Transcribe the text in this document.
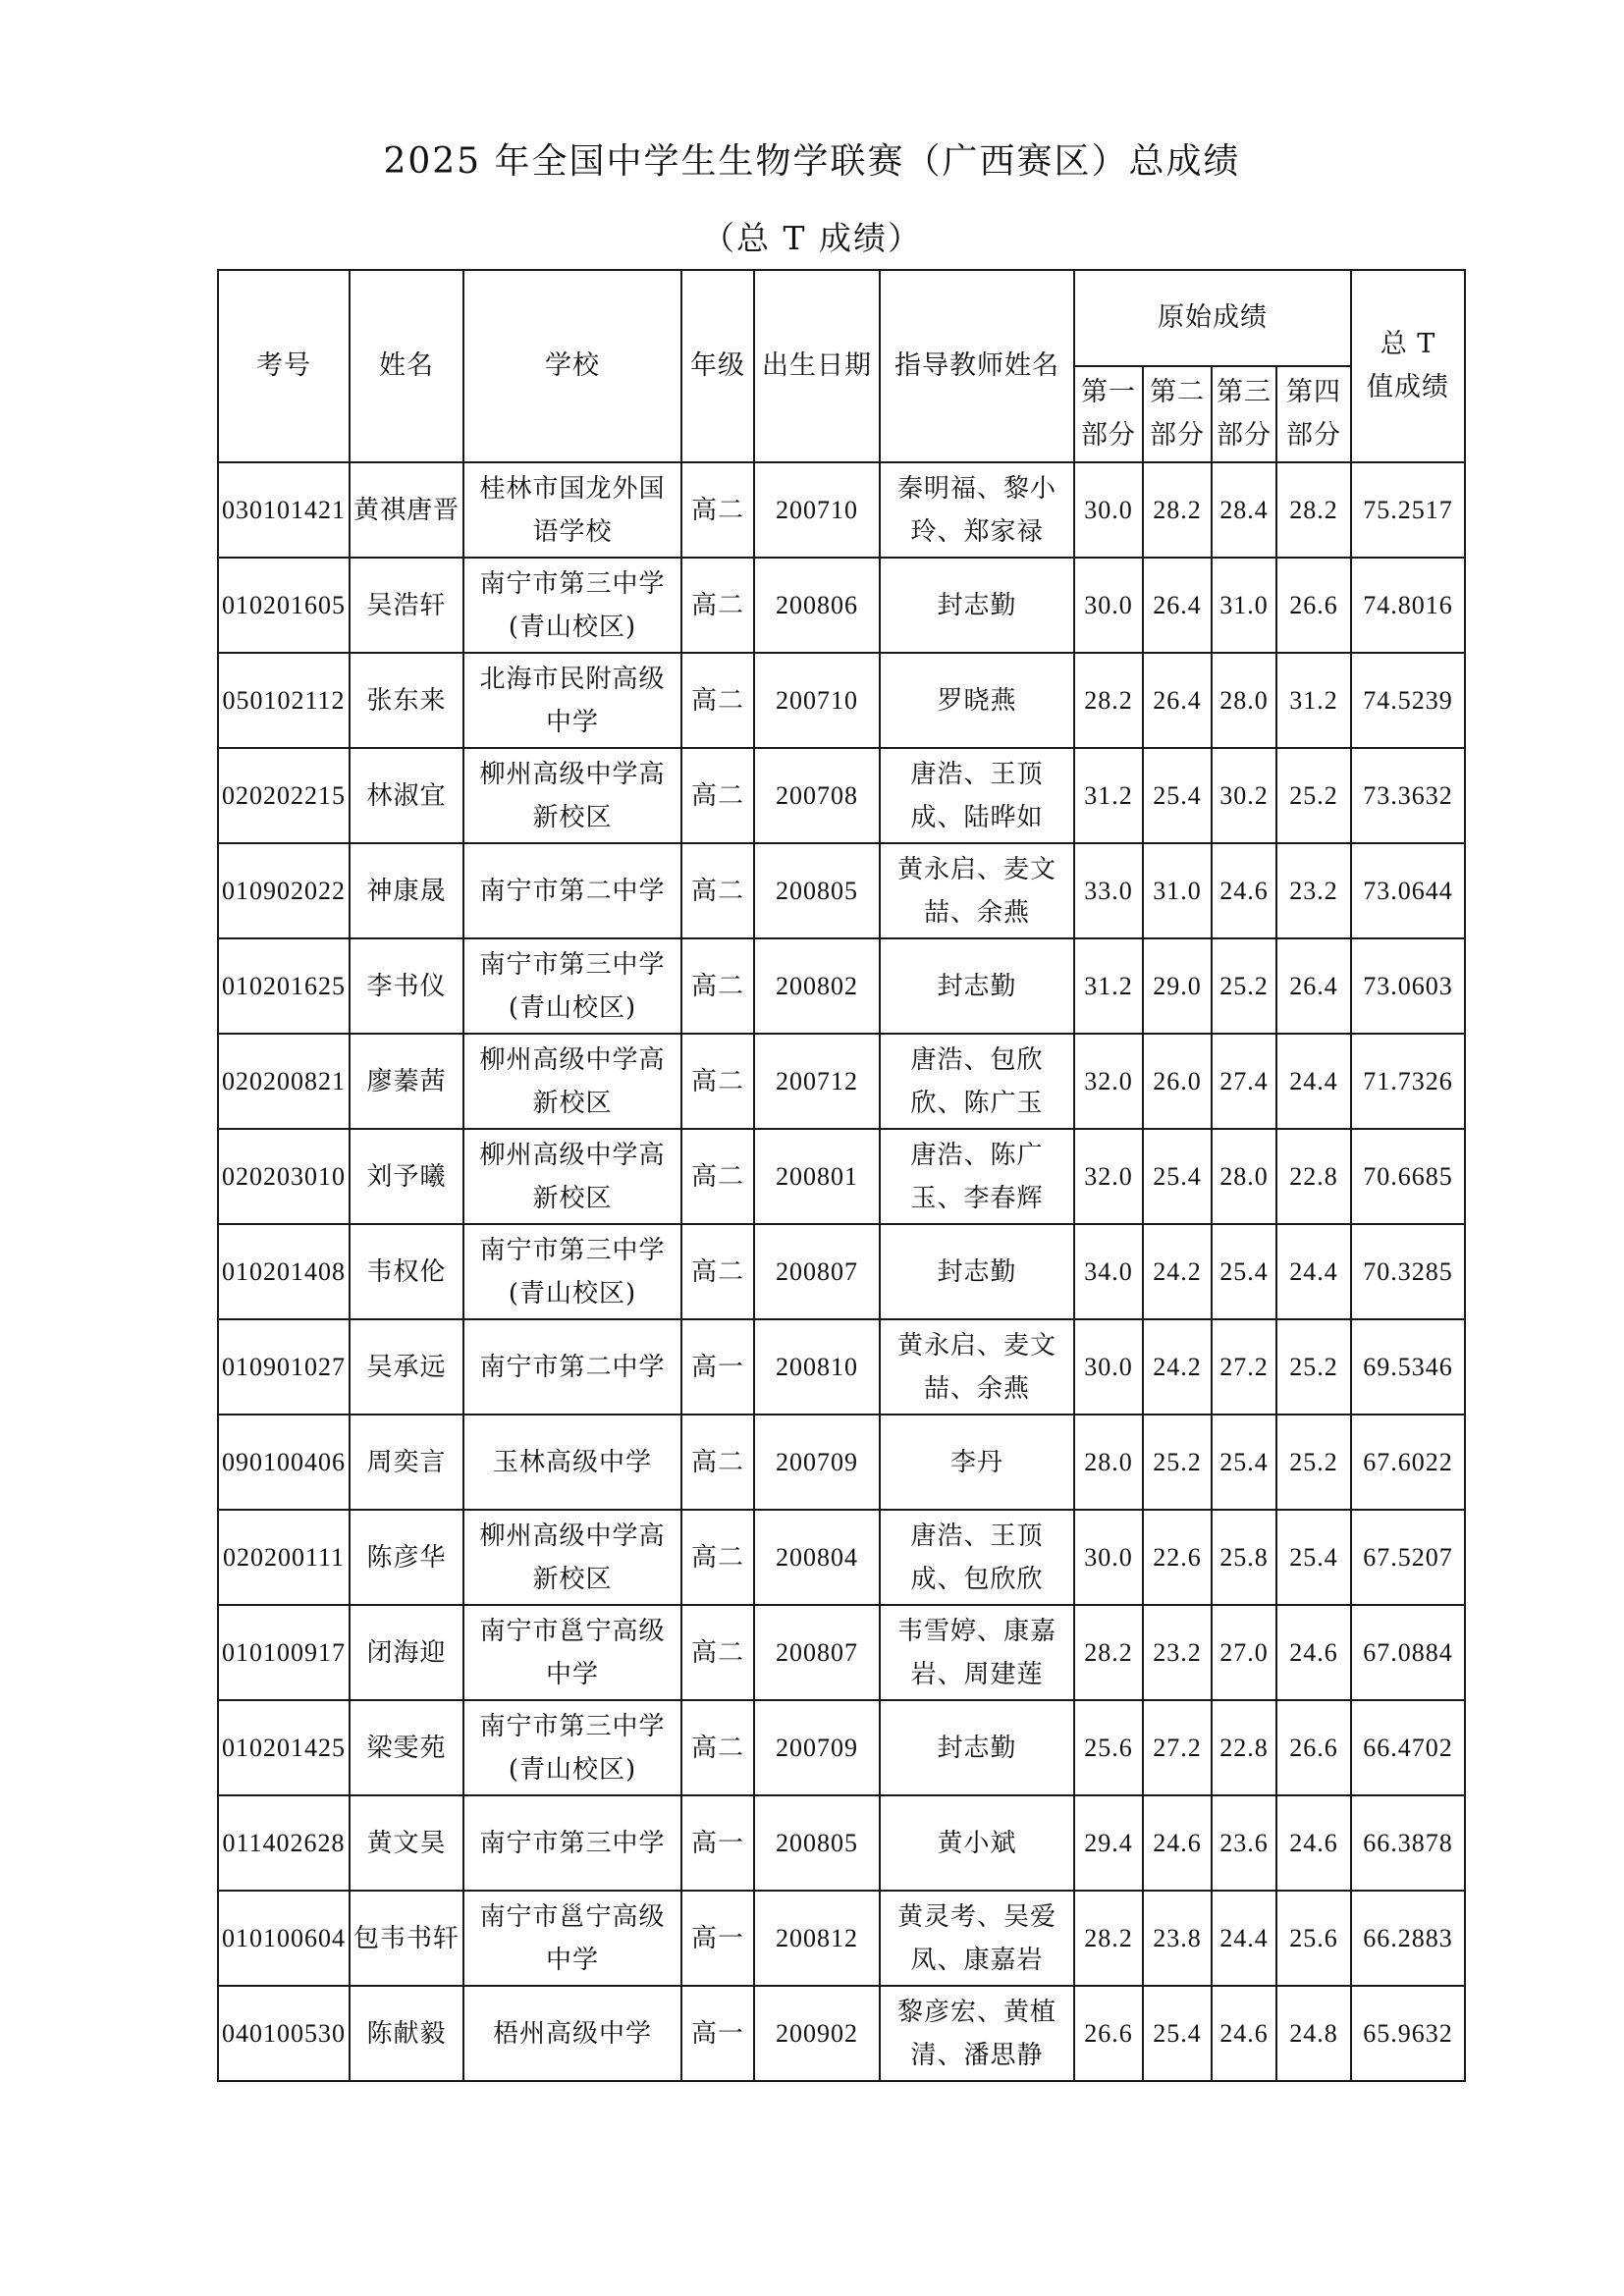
2025 年全国中学生生物学联赛（广西赛区）总成绩
（总 T 成绩）
考号	姓名	学校	年级	出生日期	指导教师姓名	原始成绩				总 T 值成绩

						第一部分	第二部分	第三部分	第四部分	

030101421	黄祺唐晋	桂林市国龙外国语学校	高二	200710	秦明福、黎小玲、郑家禄	30.0	28.2	28.4	28.2	75.2517
010201605	吴浩轩	南宁市第三中学(青山校区)	高二	200806	封志勤	30.0	26.4	31.0	26.6	74.8016
050102112	张东来	北海市民附高级中学	高二	200710	罗晓燕	28.2	26.4	28.0	31.2	74.5239
020202215	林淑宜	柳州高级中学高新校区	高二	200708	唐浩、王顶成、陆晔如	31.2	25.4	30.2	25.2	73.3632
010902022	神康晟	南宁市第二中学	高二	200805	黄永启、麦文喆、余燕	33.0	31.0	24.6	23.2	73.0644
010201625	李书仪	南宁市第三中学(青山校区)	高二	200802	封志勤	31.2	29.0	25.2	26.4	73.0603
020200821	廖蓁茜	柳州高级中学高新校区	高二	200712	唐浩、包欣欣、陈广玉	32.0	26.0	27.4	24.4	71.7326
020203010	刘予曦	柳州高级中学高新校区	高二	200801	唐浩、陈广玉、李春辉	32.0	25.4	28.0	22.8	70.6685
010201408	韦权伦	南宁市第三中学(青山校区)	高二	200807	封志勤	34.0	24.2	25.4	24.4	70.3285
010901027	吴承远	南宁市第二中学	高一	200810	黄永启、麦文喆、余燕	30.0	24.2	27.2	25.2	69.5346
090100406	周奕言	玉林高级中学	高二	200709	李丹	28.0	25.2	25.4	25.2	67.6022
020200111	陈彦华	柳州高级中学高新校区	高二	200804	唐浩、王顶成、包欣欣	30.0	22.6	25.8	25.4	67.5207
010100917	闭海迎	南宁市邕宁高级中学	高二	200807	韦雪婷、康嘉岩、周建莲	28.2	23.2	27.0	24.6	67.0884
010201425	梁雯苑	南宁市第三中学(青山校区)	高二	200709	封志勤	25.6	27.2	22.8	26.6	66.4702
011402628	黄文昊	南宁市第三中学	高一	200805	黄小斌	29.4	24.6	23.6	24.6	66.3878
010100604	包韦书轩	南宁市邕宁高级中学	高一	200812	黄灵考、吴爱凤、康嘉岩	28.2	23.8	24.4	25.6	66.2883
040100530	陈献毅	梧州高级中学	高一	200902	黎彦宏、黄植清、潘思静	26.6	25.4	24.6	24.8	65.9632
